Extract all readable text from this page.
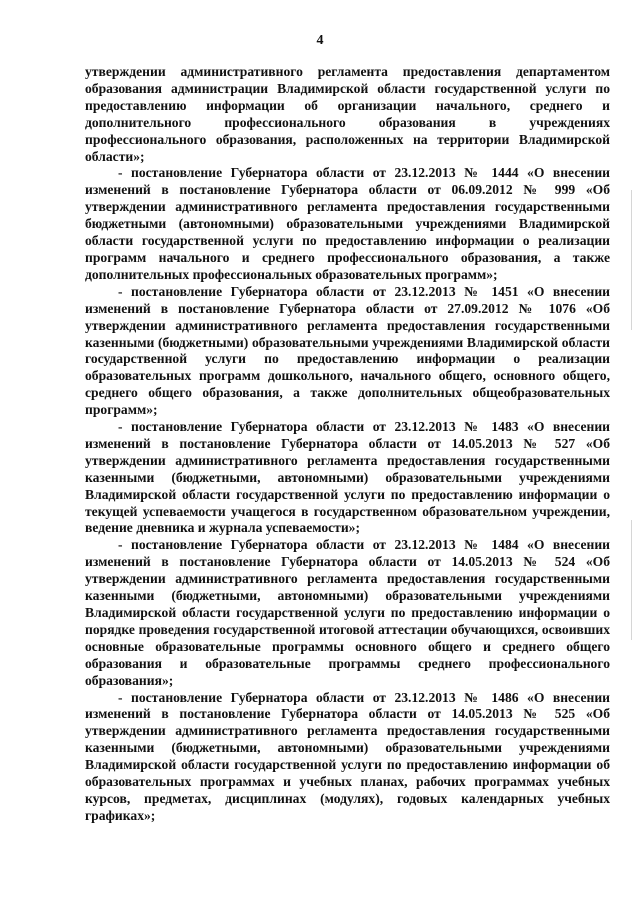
4

утверждении административного регламента предоставления департаментом образования администрации Владимирской области государственной услуги по предоставлению информации об организации начального, среднего и дополнительного профессионального образования в учреждениях профессионального образования, расположенных на территории Владимирской области»;

- постановление Губернатора области от 23.12.2013 № 1444 «О внесении изменений в постановление Губернатора области от 06.09.2012 № 999 «Об утверждении административного регламента предоставления государственными бюджетными (автономными) образовательными учреждениями Владимирской области государственной услуги по предоставлению информации о реализации программ начального и среднего профессионального образования, а также дополнительных профессиональных образовательных программ»;

- постановление Губернатора области от 23.12.2013 № 1451 «О внесении изменений в постановление Губернатора области от 27.09.2012 № 1076 «Об утверждении административного регламента предоставления государственными казенными (бюджетными) образовательными учреждениями Владимирской области государственной услуги по предоставлению информации о реализации образовательных программ дошкольного, начального общего, основного общего, среднего общего образования, а также дополнительных общеобразовательных программ»;

- постановление Губернатора области от 23.12.2013 № 1483 «О внесении изменений в постановление Губернатора области от 14.05.2013 № 527 «Об утверждении административного регламента предоставления государственными казенными (бюджетными, автономными) образовательными учреждениями Владимирской области государственной услуги по предоставлению информации о текущей успеваемости учащегося в государственном образовательном учреждении, ведение дневника и журнала успеваемости»;

- постановление Губернатора области от 23.12.2013 № 1484 «О внесении изменений в постановление Губернатора области от 14.05.2013 № 524 «Об утверждении административного регламента предоставления государственными казенными (бюджетными, автономными) образовательными учреждениями Владимирской области государственной услуги по предоставлению информации о порядке проведения государственной итоговой аттестации обучающихся, освоивших основные образовательные программы основного общего и среднего общего образования и образовательные программы среднего профессионального образования»;

- постановление Губернатора области от 23.12.2013 № 1486 «О внесении изменений в постановление Губернатора области от 14.05.2013 № 525 «Об утверждении административного регламента предоставления государственными казенными (бюджетными, автономными) образовательными учреждениями Владимирской области государственной услуги по предоставлению информации об образовательных программах и учебных планах, рабочих программах учебных курсов, предметах, дисциплинах (модулях), годовых календарных учебных графиках»;
